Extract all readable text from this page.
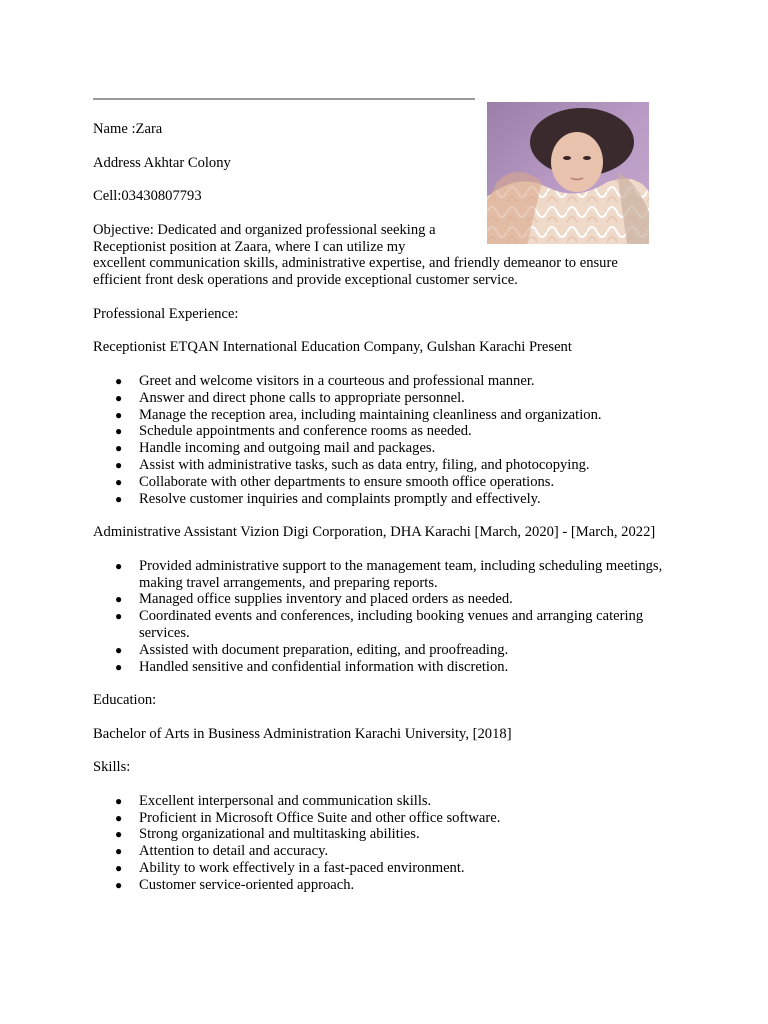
Name :Zara

Address Akhtar Colony

Cell:03430807793

Objective: Dedicated and organized professional seeking a

Receptionist position at Zaara, where I can utilize my

excellent communication skills, administrative expertise, and friendly demeanor to ensure

efficient front desk operations and provide exceptional customer service.

Professional Experience:

Receptionist ETQAN International Education Company, Gulshan Karachi Present

● Greet and welcome visitors in a courteous and professional manner.
● Answer and direct phone calls to appropriate personnel.
● Manage the reception area, including maintaining cleanliness and organization.
● Schedule appointments and conference rooms as needed.
● Handle incoming and outgoing mail and packages.
● Assist with administrative tasks, such as data entry, filing, and photocopying.
● Collaborate with other departments to ensure smooth office operations.
● Resolve customer inquiries and complaints promptly and effectively.

Administrative Assistant Vizion Digi Corporation, DHA Karachi [March, 2020] - [March, 2022]

● Provided administrative support to the management team, including scheduling meetings, making travel arrangements, and preparing reports.
● Managed office supplies inventory and placed orders as needed.
● Coordinated events and conferences, including booking venues and arranging catering services.
● Assisted with document preparation, editing, and proofreading.
● Handled sensitive and confidential information with discretion.

Education:

Bachelor of Arts in Business Administration Karachi University, [2018]

Skills:

● Excellent interpersonal and communication skills.
● Proficient in Microsoft Office Suite and other office software.
● Strong organizational and multitasking abilities.
● Attention to detail and accuracy.
● Ability to work effectively in a fast-paced environment.
● Customer service-oriented approach.
